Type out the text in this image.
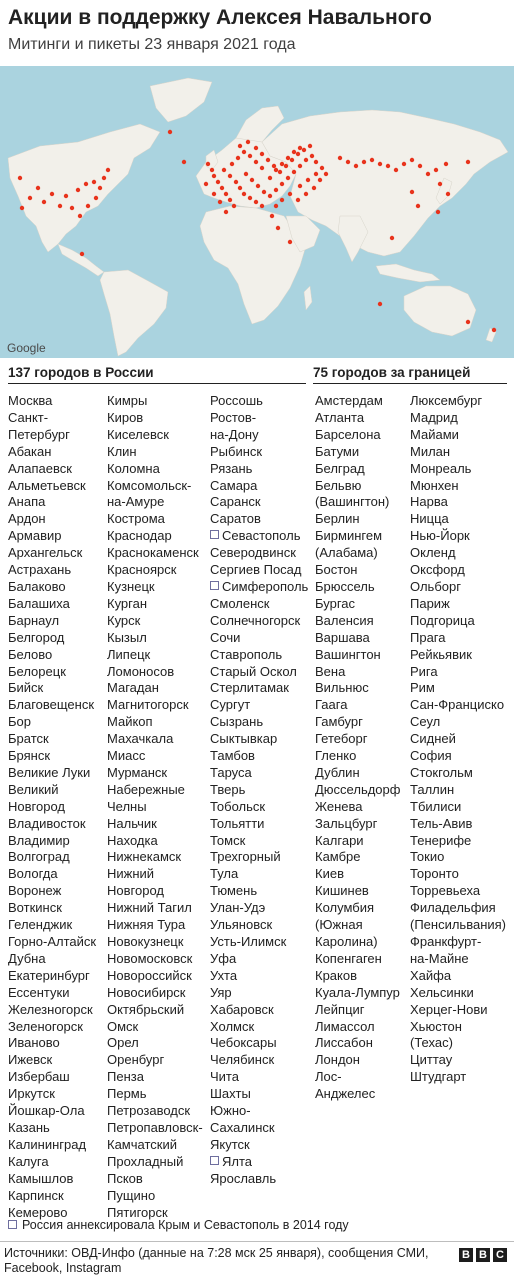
Акции в поддержку Алексея Навального
Митинги и пикеты 23 января 2021 года
Google
137 городов в России	75 городов за границей
Москва
Санкт-
Петербург
Абакан
Алапаевск
Альметьевск
Анапа
Ардон
Армавир
Архангельск
Астрахань
Балаково
Балашиха
Барнаул
Белгород
Белово
Белорецк
Бийск
Благовещенск
Бор
Братск
Брянск
Великие Луки
Великий
Новгород
Владивосток
Владимир
Волгоград
Вологда
Воронеж
Воткинск
Геленджик
Горно-Алтайск
Дубна
Екатеринбург
Ессентуки
Железногорск
Зеленогорск
Иваново
Ижевск
Избербаш
Иркутск
Йошкар-Ола
Казань
Калининград
Калуга
Камышлов
Карпинск
Кемерово
Кимры
Киров
Киселевск
Клин
Коломна
Комсомольск-
на-Амуре
Кострома
Краснодар
Краснокаменск
Красноярск
Кузнецк
Курган
Курск
Кызыл
Липецк
Ломоносов
Магадан
Магнитогорск
Майкоп
Махачкала
Миасс
Мурманск
Набережные
Челны
Нальчик
Находка
Нижнекамск
Нижний
Новгород
Нижний Тагил
Нижняя Тура
Новокузнецк
Новомосковск
Новороссийск
Новосибирск
Октябрьский
Омск
Орел
Оренбург
Пенза
Пермь
Петрозаводск
Петропавловск-
Камчатский
Прохладный
Псков
Пущино
Пятигорск
Россошь
Ростов-
на-Дону
Рыбинск
Рязань
Самара
Саранск
Саратов
Севастополь
Северодвинск
Сергиев Посад
Симферополь
Смоленск
Солнечногорск
Сочи
Ставрополь
Старый Оскол
Стерлитамак
Сургут
Сызрань
Сыктывкар
Тамбов
Таруса
Тверь
Тобольск
Тольятти
Томск
Трехгорный
Тула
Тюмень
Улан-Удэ
Ульяновск
Усть-Илимск
Уфа
Ухта
Уяр
Хабаровск
Холмск
Чебоксары
Челябинск
Чита
Шахты
Южно-
Сахалинск
Якутск
Ялта
Ярославль
Амстердам
Атланта
Барселона
Батуми
Белград
Бельвю
(Вашингтон)
Берлин
Бирмингем
(Алабама)
Бостон
Брюссель
Бургас
Валенсия
Варшава
Вашингтон
Вена
Вильнюс
Гаага
Гамбург
Гетеборг
Гленко
Дублин
Дюссельдорф
Женева
Зальцбург
Калгари
Камбре
Киев
Кишинев
Колумбия
(Южная
Каролина)
Копенгаген
Краков
Куала-Лумпур
Лейпциг
Лимассол
Лиссабон
Лондон
Лос-
Анджелес
Люксембург
Мадрид
Майами
Милан
Монреаль
Мюнхен
Нарва
Ницца
Нью-Йорк
Окленд
Оксфорд
Ольборг
Париж
Подгорица
Прага
Рейкьявик
Рига
Рим
Сан-Франциско
Сеул
Сидней
София
Стокгольм
Таллин
Тбилиси
Тель-Авив
Тенерифе
Токио
Торонто
Торревьеха
Филадельфия
(Пенсильвания)
Франкфурт-
на-Майне
Хайфа
Хельсинки
Херцег-Нови
Хьюстон
(Техас)
Циттау
Штудгарт
Россия аннексировала Крым и Севастополь в 2014 году
Источники: ОВД-Инфо (данные на 7:28 мск 25 января), сообщения СМИ, Facebook, Instagram
B B C
